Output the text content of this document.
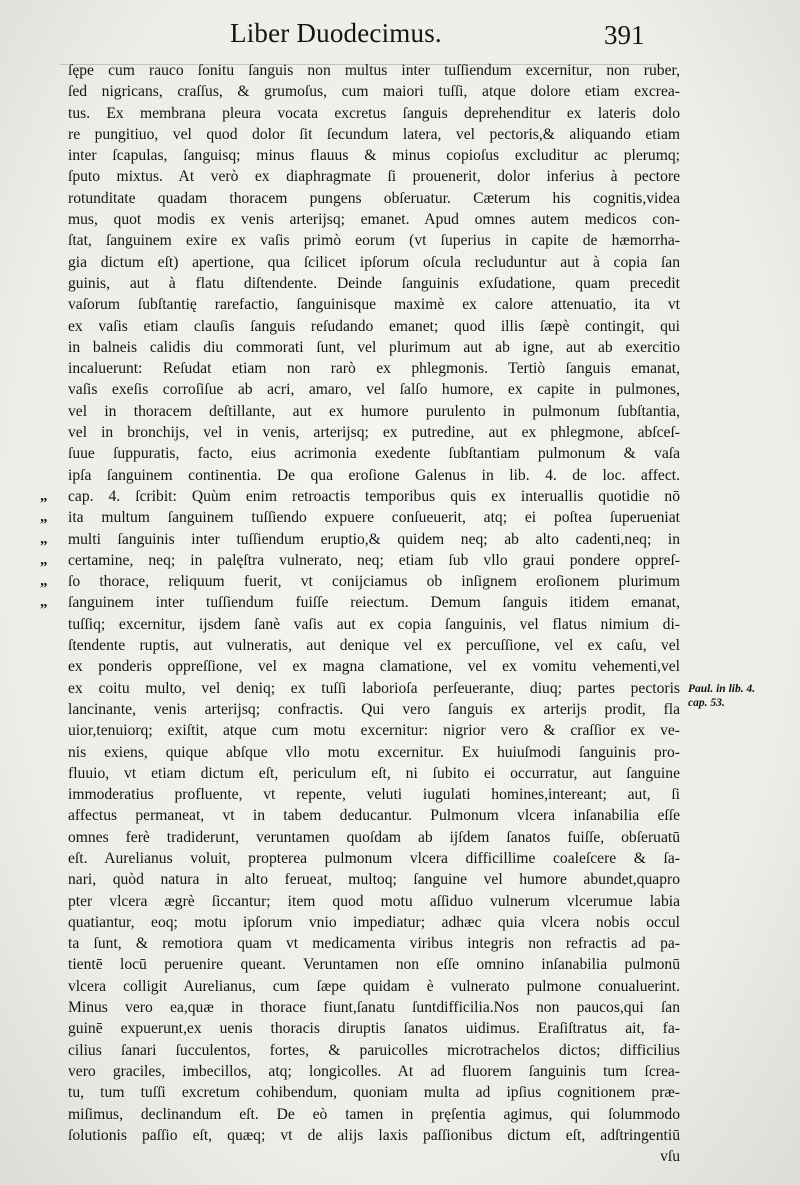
Liber Duodecimus.	391
ſępe cum rauco ſonitu ſanguis non multus inter tuſſiendum excernitur, non ruber,
ſed nigricans, craſſus, & grumoſus, cum maiori tuſſi, atque dolore etiam excrea-
tus. Ex membrana pleura vocata excretus ſanguis deprehenditur ex lateris dolo
re pungitiuo, vel quod dolor ſit ſecundum latera, vel pectoris,& aliquando etiam
inter ſcapulas, ſanguisq; minus flauus & minus copioſus excluditur ac plerumq;
ſputo mixtus. At verò ex diaphragmate ſi prouenerit, dolor inferius à pectore
rotunditate quadam thoracem pungens obſeruatur. Cæterum his cognitis,videa
mus, quot modis ex venis arterijsq; emanet. Apud omnes autem medicos con-
ſtat, ſanguinem exire ex vaſis primò eorum (vt ſuperius in capite de hæmorrha-
gia dictum eſt) apertione, qua ſcilicet ipſorum oſcula recluduntur aut à copia ſan
guinis, aut à flatu diſtendente. Deinde ſanguinis exſudatione, quam precedit
vaſorum ſubſtantię rarefactio, ſanguinisque maximè ex calore attenuatio, ita vt
ex vaſis etiam clauſis ſanguis reſudando emanet; quod illis ſæpè contingit, qui
in balneis calidis diu commorati ſunt, vel plurimum aut ab igne, aut ab exercitio
incaluerunt: Reſudat etiam non rarò ex phlegmonis. Tertiò ſanguis emanat,
vaſis exeſis corroſiſue ab acri, amaro, vel ſalſo humore, ex capite in pulmones,
vel in thoracem deſtillante, aut ex humore purulento in pulmonum ſubſtantia,
vel in bronchijs, vel in venis, arterijsq; ex putredine, aut ex phlegmone, abſceſ-
ſuue ſuppuratis, facto, eius acrimonia exedente ſubſtantiam pulmonum & vaſa
ipſa ſanguinem continentia. De qua eroſione Galenus in lib. 4. de loc. affect.
„	cap. 4. ſcribit: Quùm enim retroactis temporibus quis ex interuallis quotidie nō
„	ita multum ſanguinem tuſſiendo expuere conſueuerit, atq; ei poſtea ſuperueniat
„	multi ſanguinis inter tuſſiendum eruptio,& quidem neq; ab alto cadenti,neq; in
„	certamine, neq; in palęſtra vulnerato, neq; etiam ſub vllo graui pondere oppreſ-
„	ſo thorace, reliquum fuerit, vt conijciamus ob inſignem eroſionem plurimum
„	ſanguinem inter tuſſiendum fuiſſe reiectum. Demum ſanguis itidem emanat,
tuſſiq; excernitur, ijsdem ſanè vaſis aut ex copia ſanguinis, vel flatus nimium di-
ſtendente ruptis, aut vulneratis, aut denique vel ex percuſſione, vel ex caſu, vel
ex ponderis oppreſſione, vel ex magna clamatione, vel ex vomitu vehementi,vel
ex coitu multo, vel deniq; ex tuſſi laborioſa perſeuerante, diuq; partes pectoris
lancinante, venis arterijsq; confractis. Qui vero ſanguis ex arterijs prodit, fla
uior,tenuiorq; exiſtit, atque cum motu excernitur: nigrior vero & craſſior ex ve-
nis exiens, quique abſque vllo motu excernitur. Ex huiuſmodi ſanguinis pro-
fluuio, vt etiam dictum eſt, periculum eſt, ni ſubito ei occurratur, aut ſanguine
immoderatius profluente, vt repente, veluti iugulati homines,intereant; aut, ſi
affectus permaneat, vt in tabem deducantur. Pulmonum vlcera inſanabilia eſſe
omnes ferè tradiderunt, veruntamen quoſdam ab ijſdem ſanatos fuiſſe, obſeruatū
eſt. Aurelianus voluit, propterea pulmonum vlcera difficillime coaleſcere & ſa-
nari, quòd natura in alto ferueat, multoq; ſanguine vel humore abundet,quapro
pter vlcera ægrè ſiccantur; item quod motu aſſiduo vulnerum vlcerumue labia
quatiantur, eoq; motu ipſorum vnio impediatur; adhæc quia vlcera nobis occul
ta ſunt, & remotiora quam vt medicamenta viribus integris non refractis ad pa-
tientē locū peruenire queant. Veruntamen non eſſe omnino inſanabilia pulmonū
vlcera colligit Aurelianus, cum ſæpe quidam è vulnerato pulmone conualuerint.
Minus vero ea,quæ in thorace fiunt,ſanatu ſuntdifficilia.Nos non paucos,qui ſan
guinē expuerunt,ex uenis thoracis diruptis ſanatos uidimus. Eraſiſtratus ait, fa-
cilius ſanari ſucculentos, fortes, & paruicolles microtrachelos dictos; difficilius
vero graciles, imbecillos, atq; longicolles. At ad fluorem ſanguinis tum ſcrea-
tu, tum tuſſi excretum cohibendum, quoniam multa ad ipſius cognitionem præ-
miſimus, declinandum eſt. De eò tamen in pręſentia agimus, qui ſolummodo
ſolutionis paſſio eſt, quæq; vt de alijs laxis paſſionibus dictum eſt, adſtringentiū
vſu
Paul. in lib. 4.
cap. 53.
